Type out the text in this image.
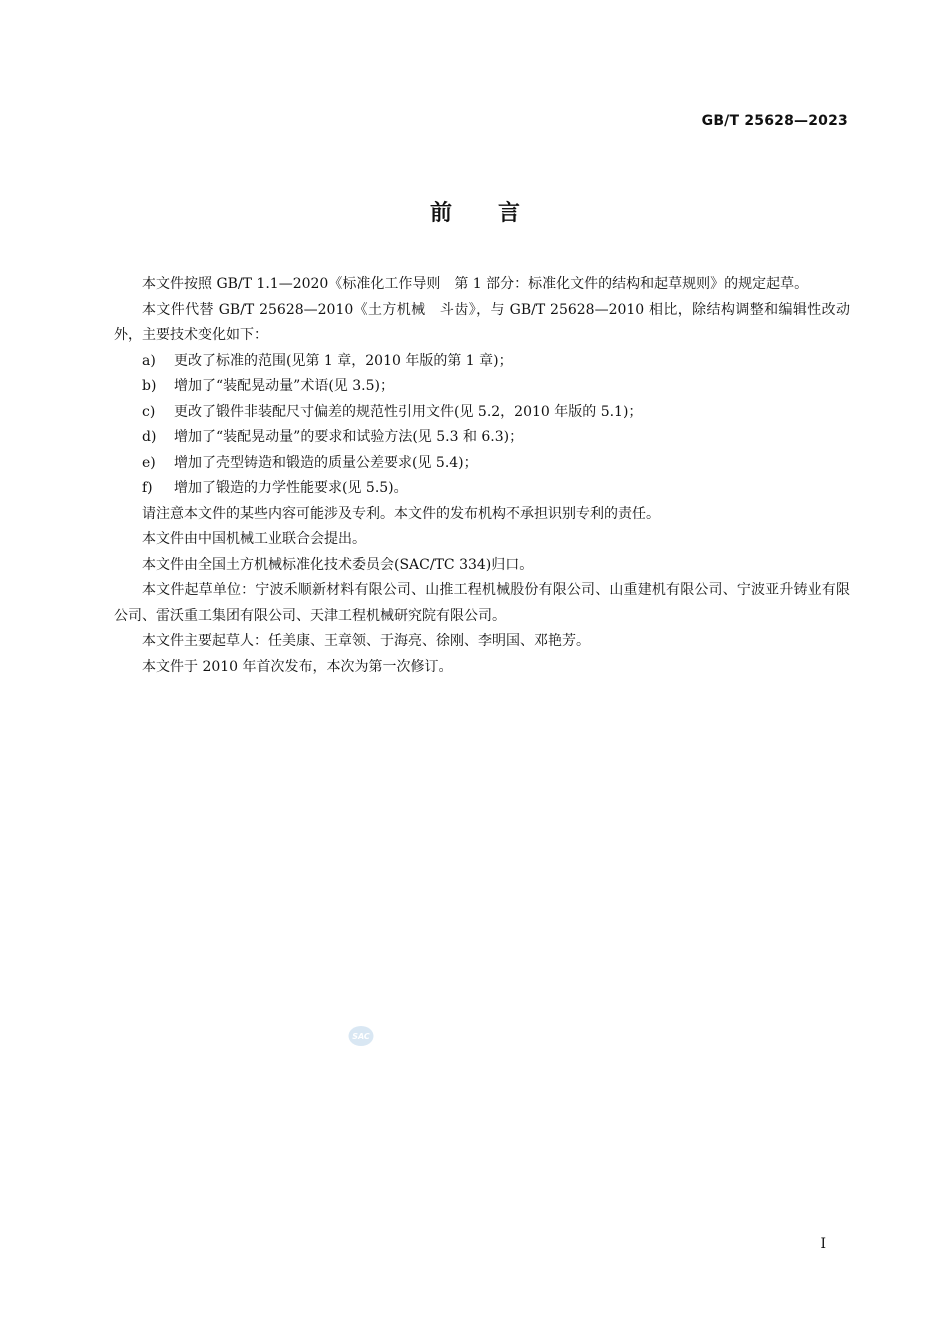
GB/T 25628—2023
前言

本文件按照 GB/T 1.1—2020《标准化工作导则　第 1 部分：标准化文件的结构和起草规则》的规定起草。

本文件代替 GB/T 25628—2010《土方机械　斗齿》，与 GB/T 25628—2010 相比，除结构调整和编辑性改动外，主要技术变化如下：

a)	更改了标准的范围(见第 1 章，2010 年版的第 1 章)；
b)	增加了“装配晃动量”术语(见 3.5)；
c)	更改了锻件非装配尺寸偏差的规范性引用文件(见 5.2，2010 年版的 5.1)；
d)	增加了“装配晃动量”的要求和试验方法(见 5.3 和 6.3)；
e)	增加了壳型铸造和锻造的质量公差要求(见 5.4)；
f)	增加了锻造的力学性能要求(见 5.5)。

请注意本文件的某些内容可能涉及专利。本文件的发布机构不承担识别专利的责任。

本文件由中国机械工业联合会提出。

本文件由全国土方机械标准化技术委员会(SAC/TC 334)归口。

本文件起草单位：宁波禾顺新材料有限公司、山推工程机械股份有限公司、山重建机有限公司、宁波亚升铸业有限公司、雷沃重工集团有限公司、天津工程机械研究院有限公司。

本文件主要起草人：任美康、王章领、于海亮、徐刚、李明国、邓艳芳。

本文件于 2010 年首次发布，本次为第一次修订。

SAC
I
